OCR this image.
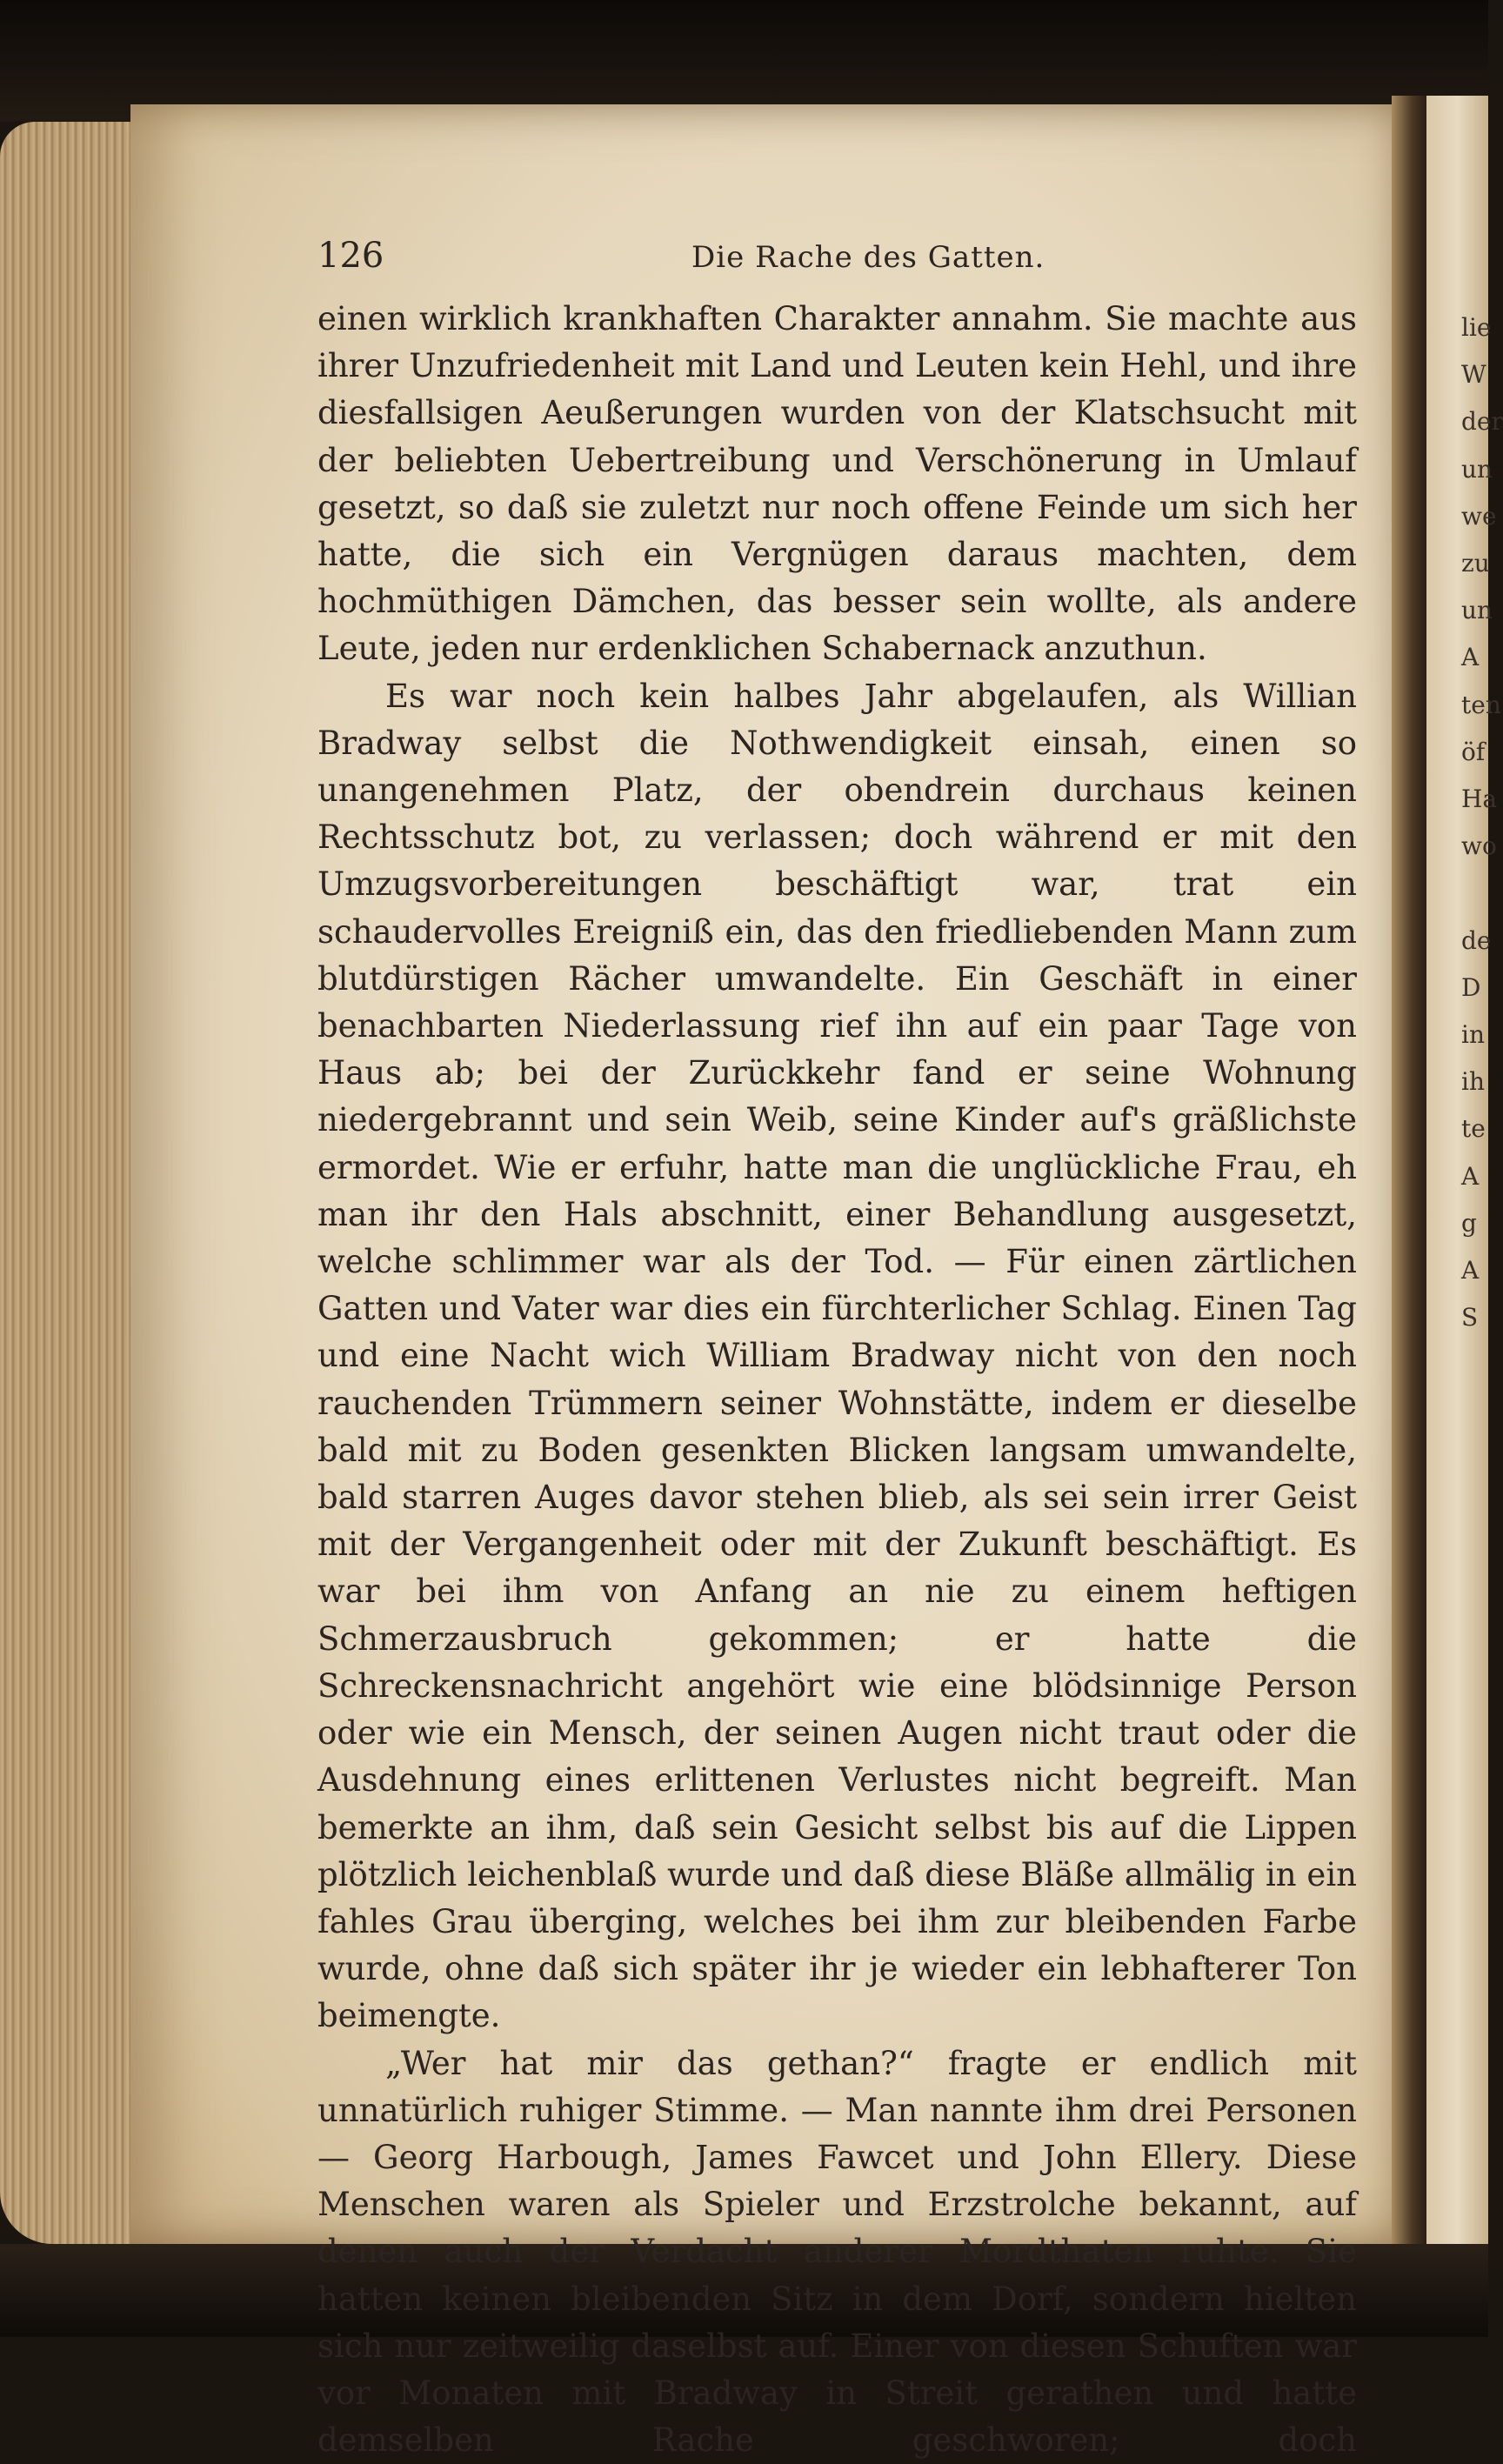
126	Die Rache des Gatten.

einen wirklich krankhaften Charakter annahm. Sie machte aus ihrer Unzufriedenheit mit Land und Leuten kein Hehl, und ihre diesfallsigen Aeußerungen wurden von der Klatschsucht mit der beliebten Uebertreibung und Verschönerung in Umlauf gesetzt, so daß sie zuletzt nur noch offene Feinde um sich her hatte, die sich ein Vergnügen daraus machten, dem hochmüthigen Dämchen, das besser sein wollte, als andere Leute, jeden nur erdenklichen Schabernack anzuthun.

Es war noch kein halbes Jahr abgelaufen, als Willian Bradway selbst die Nothwendigkeit einsah, einen so unangenehmen Platz, der obendrein durchaus keinen Rechtsschutz bot, zu verlassen; doch während er mit den Umzugsvorbereitungen beschäftigt war, trat ein schaudervolles Ereigniß ein, das den friedliebenden Mann zum blutdürstigen Rächer umwandelte. Ein Geschäft in einer benachbarten Niederlassung rief ihn auf ein paar Tage von Haus ab; bei der Zurückkehr fand er seine Wohnung niedergebrannt und sein Weib, seine Kinder auf's gräßlichste ermordet. Wie er erfuhr, hatte man die unglückliche Frau, eh man ihr den Hals abschnitt, einer Behandlung ausgesetzt, welche schlimmer war als der Tod. — Für einen zärtlichen Gatten und Vater war dies ein fürchterlicher Schlag. Einen Tag und eine Nacht wich William Bradway nicht von den noch rauchenden Trümmern seiner Wohnstätte, indem er dieselbe bald mit zu Boden gesenkten Blicken langsam umwandelte, bald starren Auges davor stehen blieb, als sei sein irrer Geist mit der Vergangenheit oder mit der Zukunft beschäftigt. Es war bei ihm von Anfang an nie zu einem heftigen Schmerzausbruch gekommen; er hatte die Schreckensnachricht angehört wie eine blödsinnige Person oder wie ein Mensch, der seinen Augen nicht traut oder die Ausdehnung eines erlittenen Verlustes nicht begreift. Man bemerkte an ihm, daß sein Gesicht selbst bis auf die Lippen plötzlich leichenblaß wurde und daß diese Bläße allmälig in ein fahles Grau überging, welches bei ihm zur bleibenden Farbe wurde, ohne daß sich später ihr je wieder ein lebhafterer Ton beimengte.

„Wer hat mir das gethan?“ fragte er endlich mit unnatürlich ruhiger Stimme. — Man nannte ihm drei Personen — Georg Harbough, James Fawcet und John Ellery. Diese Menschen waren als Spieler und Erzstrolche bekannt, auf denen auch der Verdacht anderer Mordthaten ruhte. Sie hatten keinen bleibenden Sitz in dem Dorf, sondern hielten sich nur zeitweilig daselbst auf. Einer von diesen Schuften war vor Monaten mit Bradway in Streit gerathen und hatte demselben Rache geschworen; doch

lie
W
der
un
we
zu
un
A
ten
öf
Ha
wo

de
D
in
ih
te
A
g
A
S
